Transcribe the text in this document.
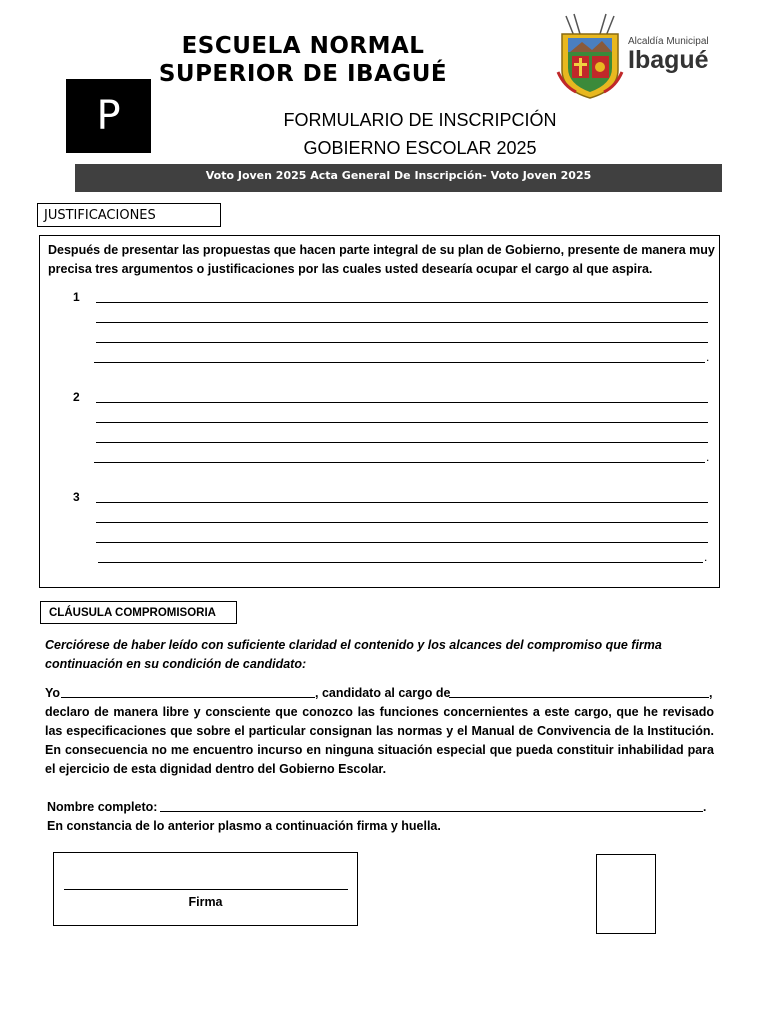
ESCUELA NORMAL
SUPERIOR DE IBAGUÉ
P	FORMULARIO DE INSCRIPCIÓN
GOBIERNO ESCOLAR 2025
Alcaldía Municipal
Ibagué
Voto Joven 2025 Acta General De Inscripción- Voto Joven 2025
JUSTIFICACIONES
Después de presentar las propuestas que hacen parte integral de su plan de Gobierno, presente de manera muy precisa tres argumentos o justificaciones por las cuales usted desearía ocupar el cargo al que aspira.
1
.
2
.
3
.
CLÁUSULA COMPROMISORIA
Cerciórese de haber leído con suficiente claridad el contenido y los alcances del compromiso que firma continuación en su condición de candidato:
Yo	, candidato al cargo de	,
declaro de manera libre y consciente que conozco las funciones concernientes a este cargo, que he revisado las especificaciones que sobre el particular consignan las normas y el Manual de Convivencia de la Institución. En consecuencia no me encuentro incurso en ninguna situación especial que pueda constituir inhabilidad para el ejercicio de esta dignidad dentro del Gobierno Escolar.
Nombre completo:	.
En constancia de lo anterior plasmo a continuación firma y huella.
Firma
